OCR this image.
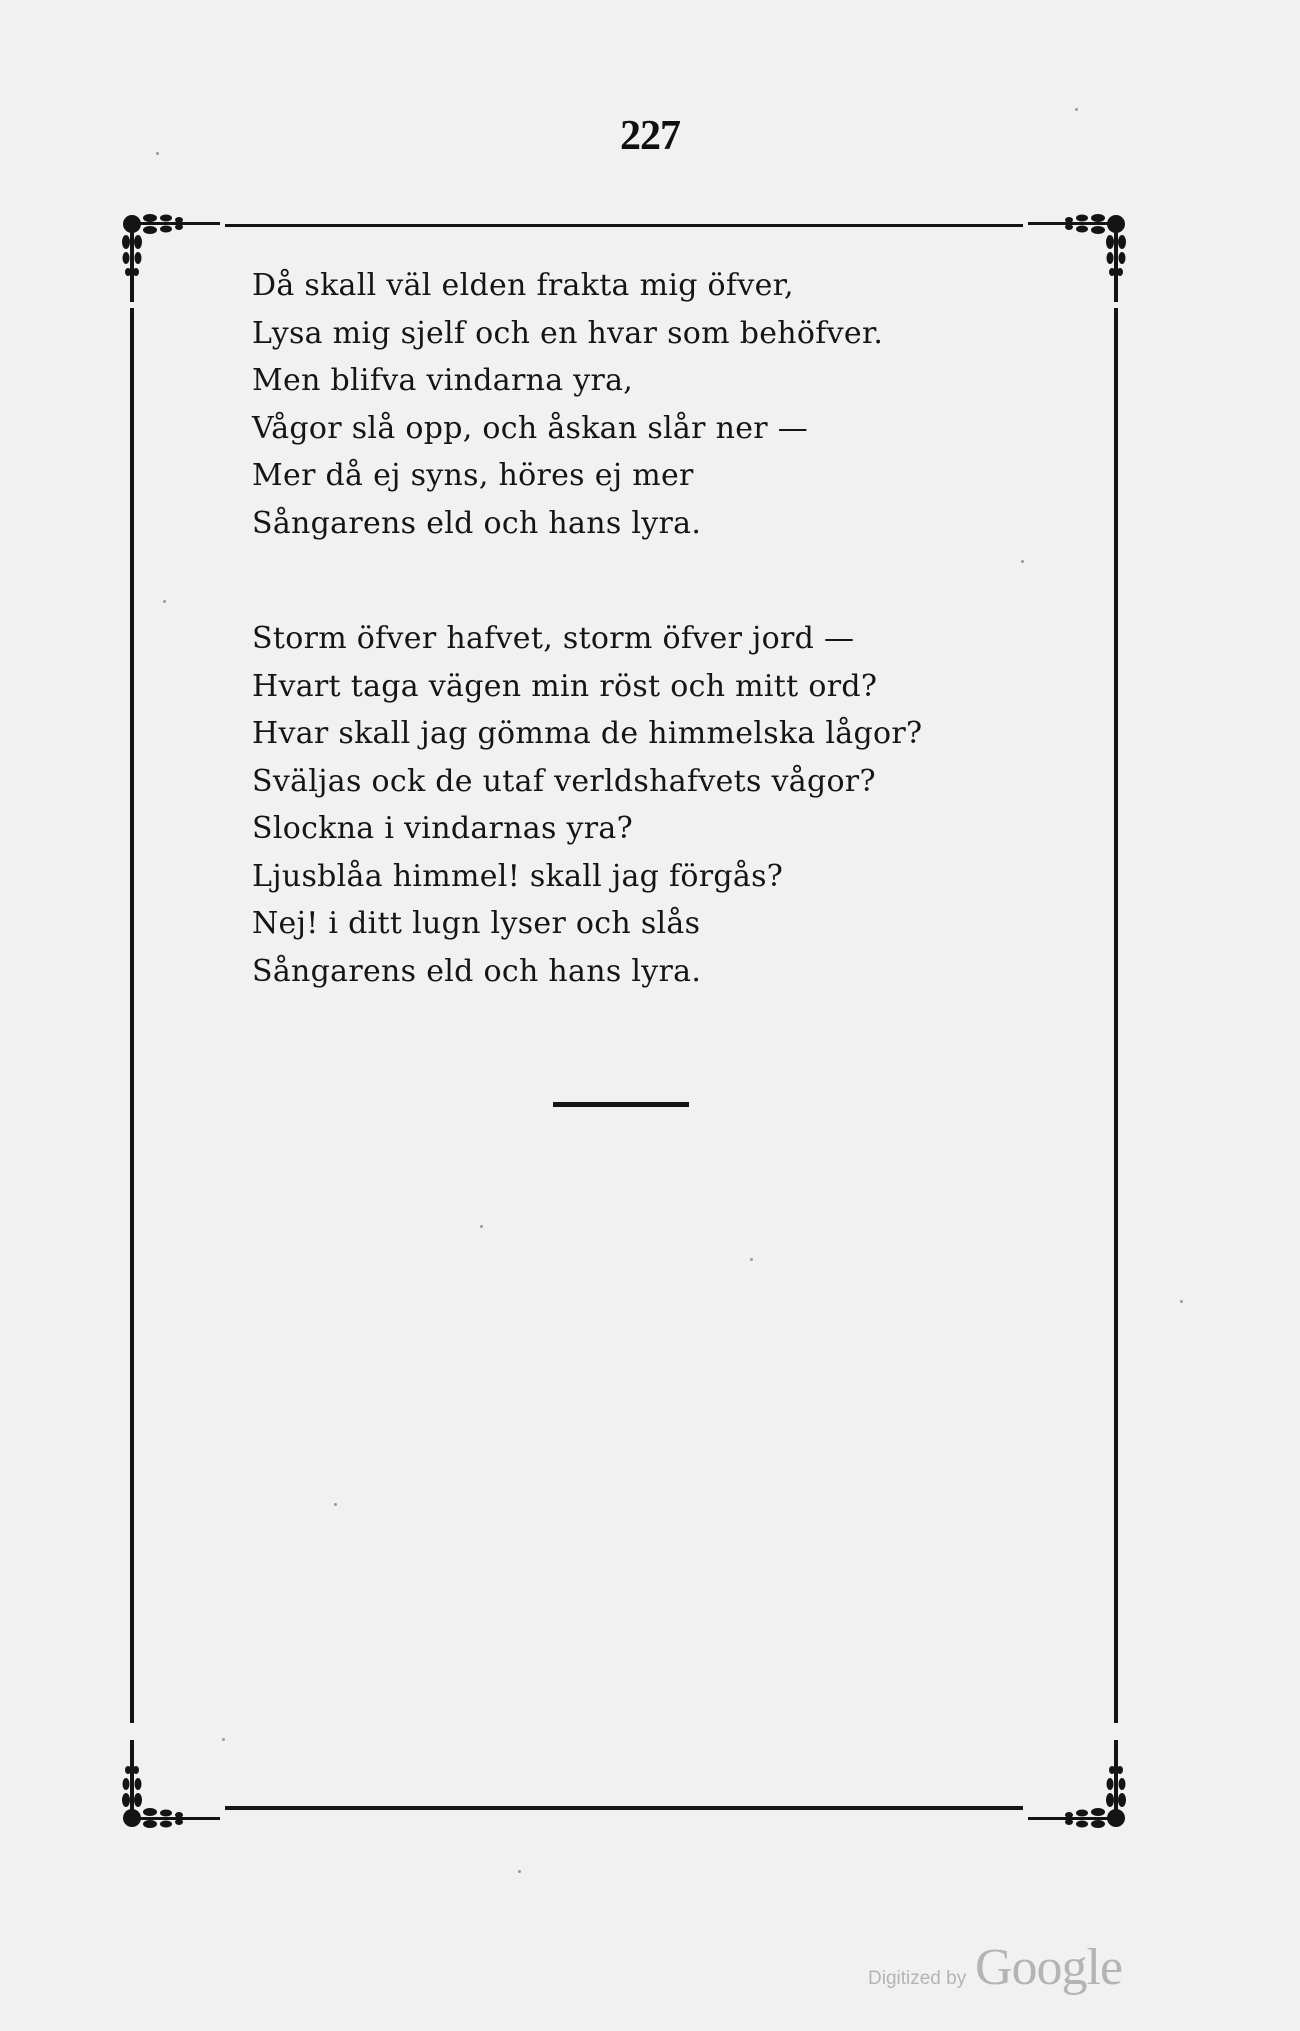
227
Då skall väl elden frakta mig öfver,
Lysa mig sjelf och en hvar som behöfver.
Men blifva vindarna yra,
Vågor slå opp, och åskan slår ner —
Mer då ej syns, höres ej mer
Sångarens eld och hans lyra.
Storm öfver hafvet, storm öfver jord —
Hvart taga vägen min röst och mitt ord?
Hvar skall jag gömma de himmelska lågor?
Sväljas ock de utaf verldshafvets vågor?
Slockna i vindarnas yra?
Ljusblåa himmel! skall jag förgås?
Nej! i ditt lugn lyser och slås
Sångarens eld och hans lyra.
Digitized by Google
